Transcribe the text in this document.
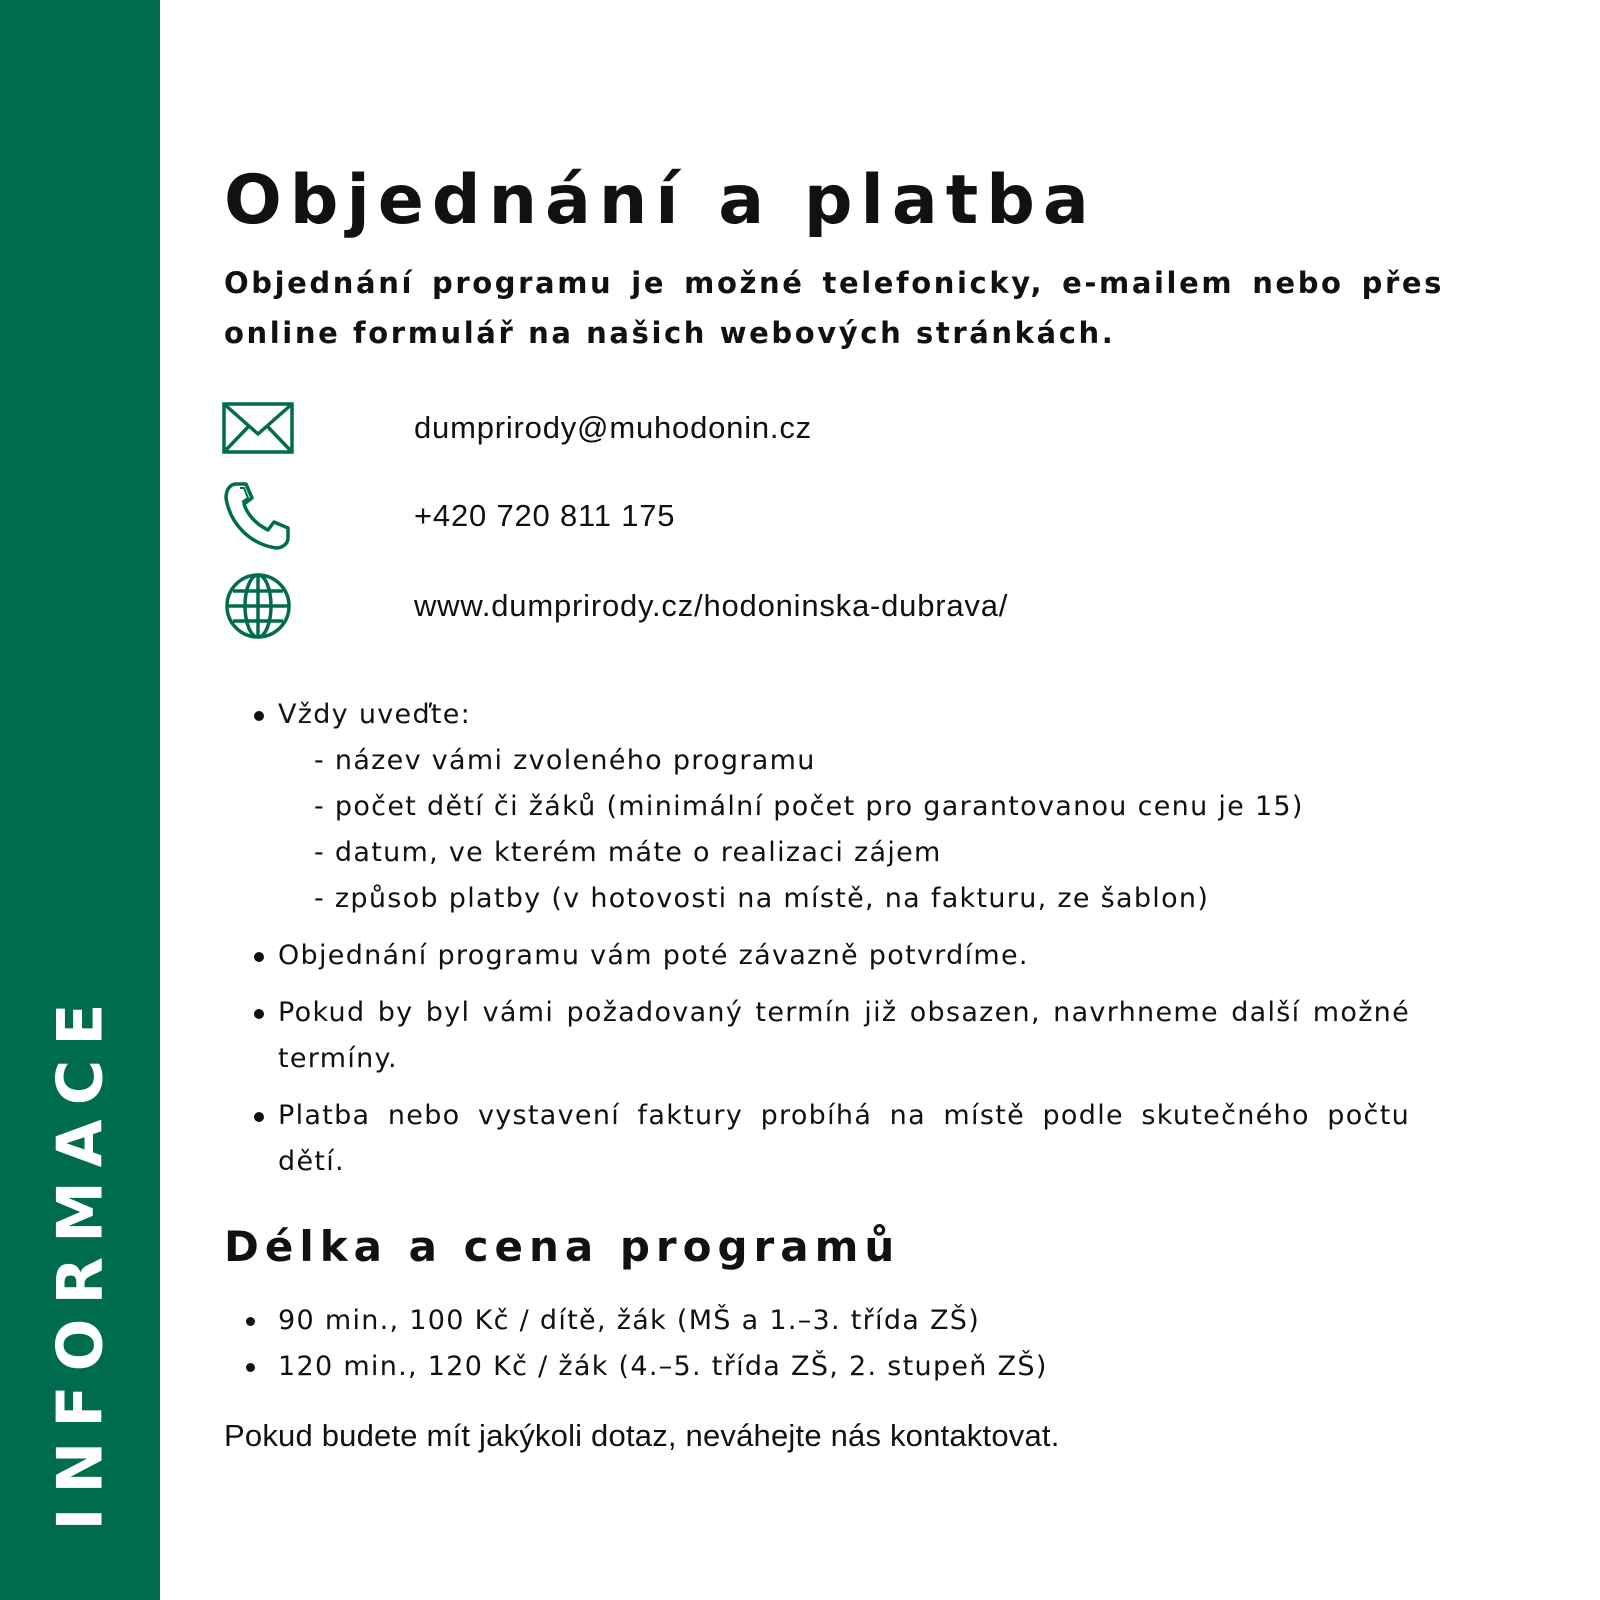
INFORMACE
Objednání a platba

Objednání programu je možné telefonicky, e-mailem nebo přes online formulář na našich webových stránkách.

dumprirody@muhodonin.cz
+420 720 811 175
www.dumprirody.cz/hodoninska-dubrava/
Vždy uveďte:
- název vámi zvoleného programu
- počet dětí či žáků (minimální počet pro garantovanou cenu je 15)
- datum, ve kterém máte o realizaci zájem
- způsob platby (v hotovosti na místě, na fakturu, ze šablon)
Objednání programu vám poté závazně potvrdíme.
Pokud by byl vámi požadovaný termín již obsazen, navrhneme další možné termíny.
Platba nebo vystavení faktury probíhá na místě podle skutečného počtu dětí.
Délka a cena programů
90 min., 100 Kč / dítě, žák (MŠ a 1.–3. třída ZŠ)
120 min., 120 Kč / žák (4.–5. třída ZŠ, 2. stupeň ZŠ)

Pokud budete mít jakýkoli dotaz, neváhejte nás kontaktovat.
